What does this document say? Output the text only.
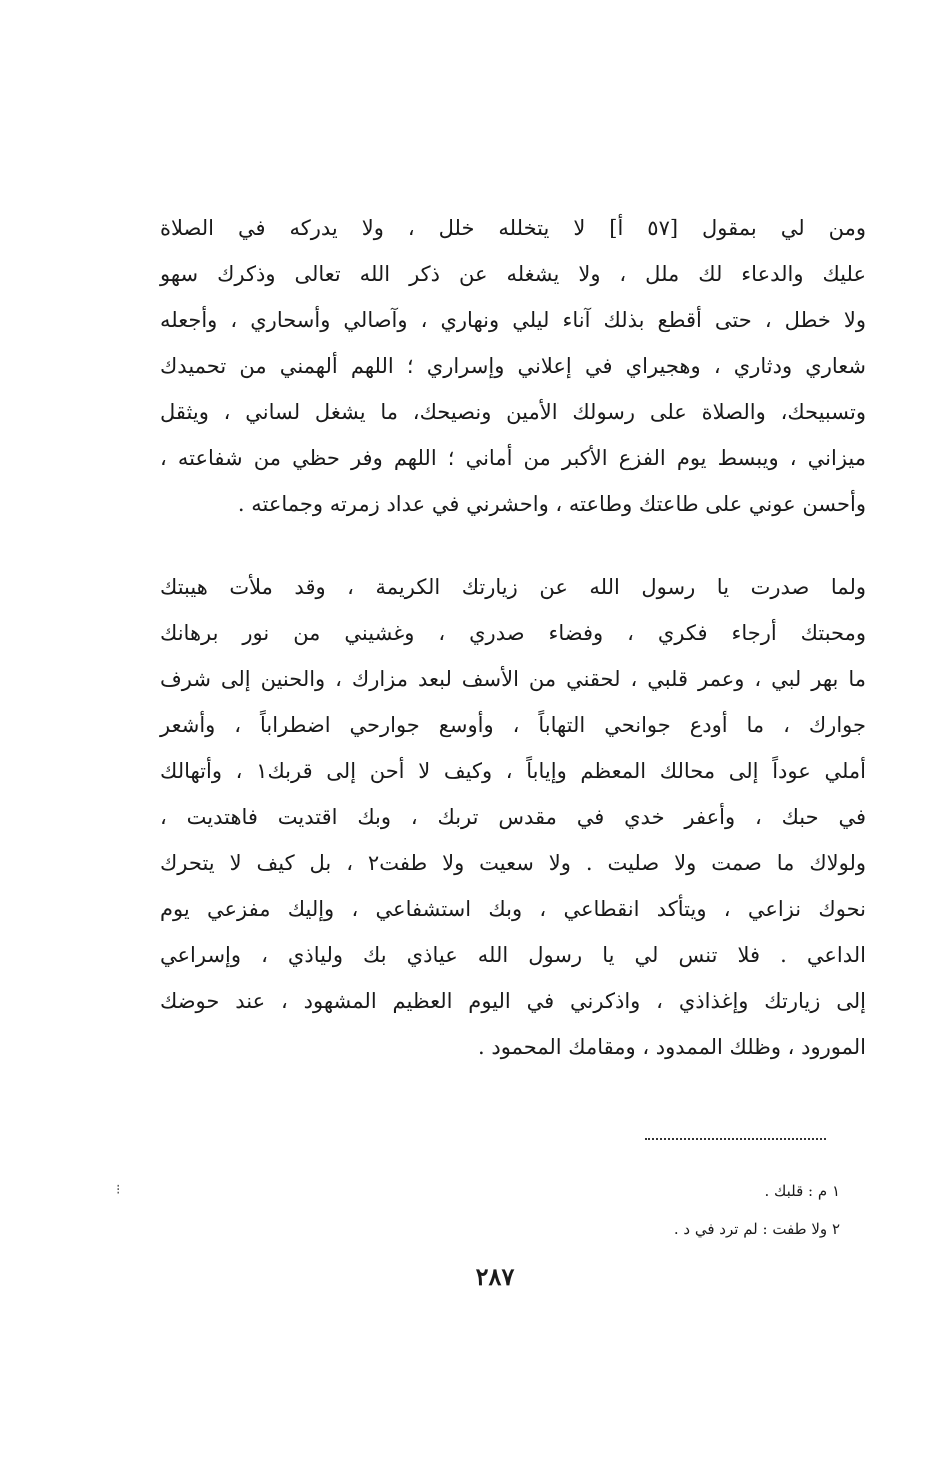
ومن لي بمقول [٥٧ أ] لا يتخلله خلل ، ولا يدركه في الصلاة
عليك والدعاء لك ملل ، ولا يشغله عن ذكر الله تعالى وذكرك سهو
ولا خطل ، حتى أقطع بذلك آناء ليلي ونهاري ، وآصالي وأسحاري ، وأجعله
شعاري ودثاري ، وهجيراي في إعلاني وإسراري ؛ اللهم ألهمني من تحميدك
وتسبيحك، والصلاة على رسولك الأمين ونصيحك، ما يشغل لساني ، ويثقل
ميزاني ، ويبسط يوم الفزع الأكبر من أماني ؛ اللهم وفر حظي من شفاعته ،
وأحسن عوني على طاعتك وطاعته ، واحشرني في عداد زمرته وجماعته .
ولما صدرت يا رسول الله عن زيارتك الكريمة ، وقد ملأت هيبتك
ومحبتك أرجاء فكري ، وفضاء صدري ، وغشيني من نور برهانك
ما بهر لبي ، وعمر قلبي ، لحقني من الأسف لبعد مزارك ، والحنين إلى شرف
جوارك ، ما أودع جوانحي التهاباً ، وأوسع جوارحي اضطراباً ، وأشعر
أملي عوداً إلى محالك المعظم وإياباً ، وكيف لا أحن إلى قربك١ ، وأتهالك
في حبك ، وأعفر خدي في مقدس تربك ، وبك اقتديت فاهتديت ،
ولولاك ما صمت ولا صليت . ولا سعيت ولا طفت٢ ، بل كيف لا يتحرك
نحوك نزاعي ، ويتأكد انقطاعي ، وبك استشفاعي ، وإليك مفزعي يوم
الداعي . فلا تنس لي يا رسول الله عياذي بك ولياذي ، وإسراعي
إلى زيارتك وإغذاذي ، واذكرني في اليوم العظيم المشهود ، عند حوضك
المورود ، وظلك الممدود ، ومقامك المحمود .
١ م : قلبك .
٢ ولا طفت : لم ترد في د .
⁝
٢٨٧
